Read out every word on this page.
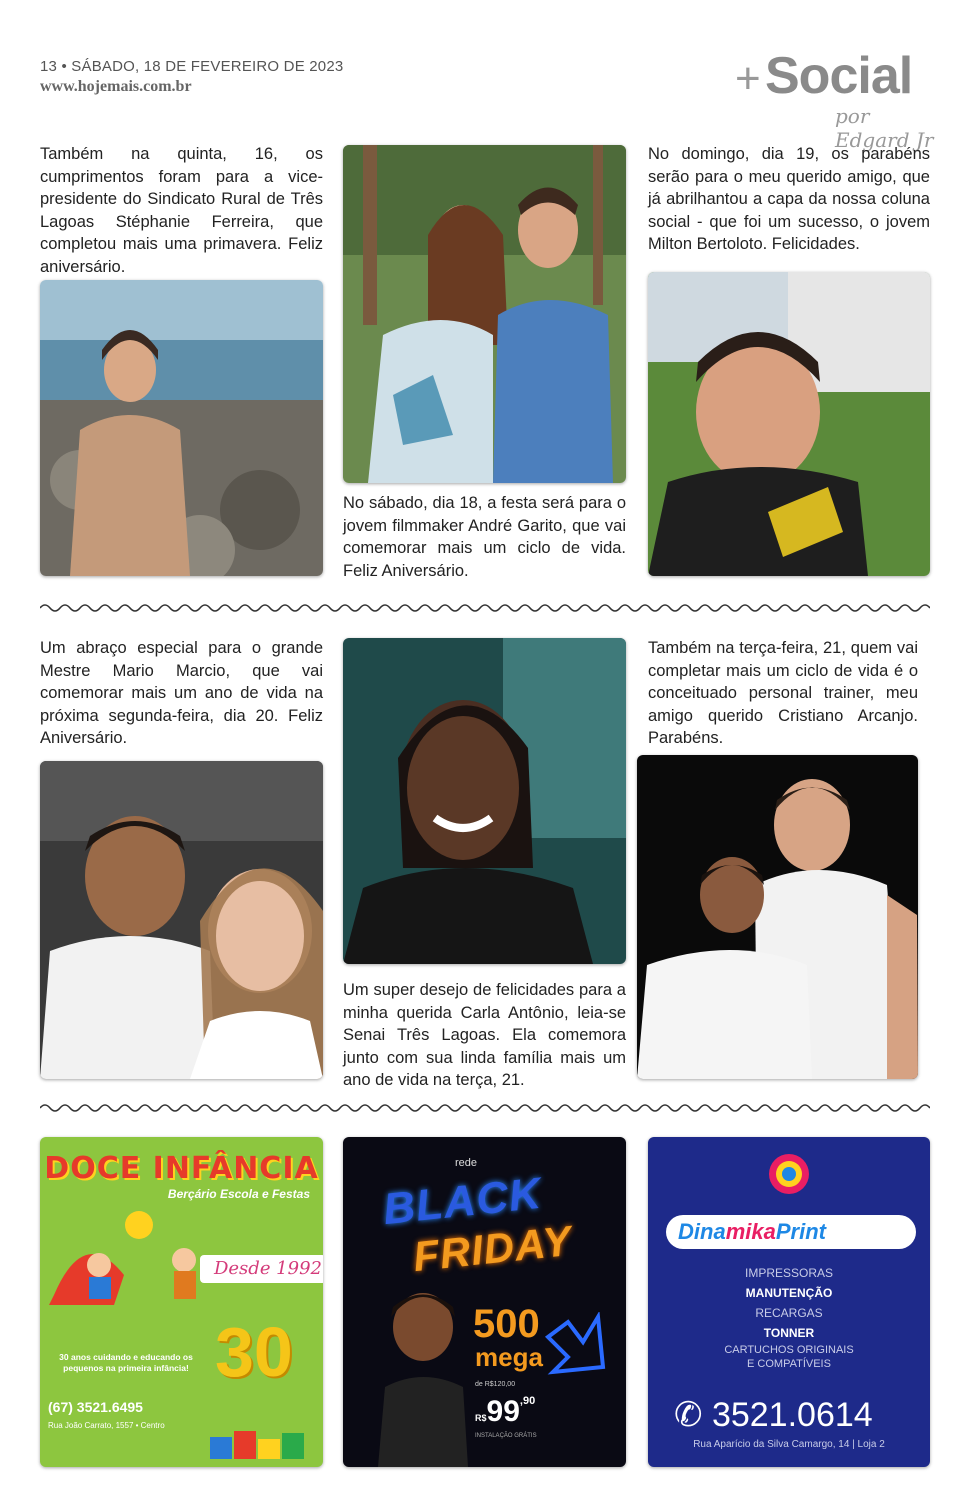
13 • SÁBADO, 18 DE FEVEREIRO DE 2023
www.hojemais.com.br	+ Social
por Edgard Jr
Também na quinta, 16, os cumprimentos foram para a vice-presidente do Sindicato Rural de Três Lagoas Stéphanie Ferreira, que completou mais uma primavera. Feliz aniversário.
No sábado, dia 18, a festa será para o jovem filmmaker André Garito, que vai comemorar mais um ciclo de vida. Feliz Aniversário.
No domingo, dia 19, os parabéns serão para o meu querido amigo, que já abrilhantou a capa da nossa coluna social - que foi um sucesso, o jovem Milton Bertoloto. Felicidades.
Um abraço especial para o grande Mestre Mario Marcio, que vai comemorar mais um ano de vida na próxima segunda-feira, dia 20. Feliz Aniversário.
Um super desejo de felicidades para a minha querida Carla Antônio, leia-se Senai Três Lagoas. Ela comemora junto com sua linda família mais um ano de vida na terça, 21.
Também na terça-feira, 21, quem vai completar mais um ciclo de vida é o conceituado personal trainer, meu amigo querido Cristiano Arcanjo. Parabéns.
DOCE INFÂNCIA
Berçário Escola e Festas
Desde 1992
30
30 anos cuidando e educando os pequenos na primeira infância!
(67) 3521.6495
Rua João Carrato, 1557 • Centro
rede
BLACK
FRIDAY
500
mega
de R$120,00
$R\$99^{,90}$
INSTALAÇÃO GRÁTIS
DinamikaPrint
IMPRESSORAS
MANUTENÇÃO
RECARGAS
TONNER
CARTUCHOS ORIGINAIS
E COMPATÍVEIS
✆ 3521.0614
Rua Aparício da Silva Camargo, 14 | Loja 2
